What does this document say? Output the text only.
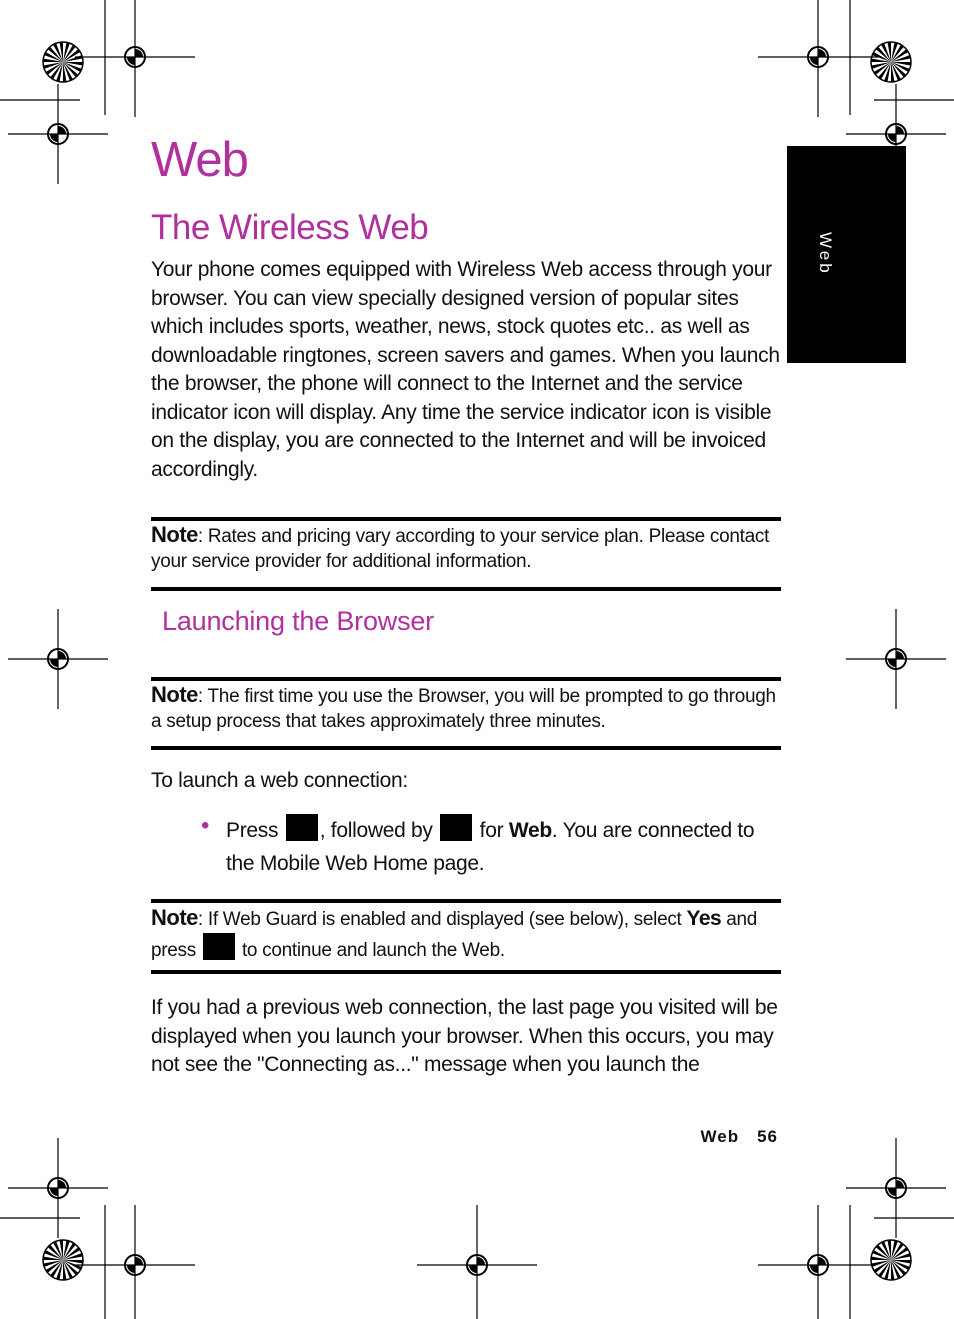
Web
The Wireless Web
Your phone comes equipped with Wireless Web access through your browser. You can view specially designed version of popular sites which includes sports, weather, news, stock quotes etc.. as well as downloadable ringtones, screen savers and games. When you launch the browser, the phone will connect to the Internet and the service indicator icon will display. Any time the service indicator icon is visible on the display, you are connected to the Internet and will be invoiced accordingly.
Note: Rates and pricing vary according to your service plan. Please contact your service provider for additional information.
Launching the Browser
Note: The first time you use the Browser, you will be prompted to go through a setup process that takes approximately three minutes.
To launch a web connection:
• Press , followed by for Web. You are connected to the Mobile Web Home page.
Note: If Web Guard is enabled and displayed (see below), select Yes and press to continue and launch the Web.
If you had a previous web connection, the last page you visited will be displayed when you launch your browser. When this occurs, you may not see the "Connecting as..." message when you launch the
Web
Web 56
